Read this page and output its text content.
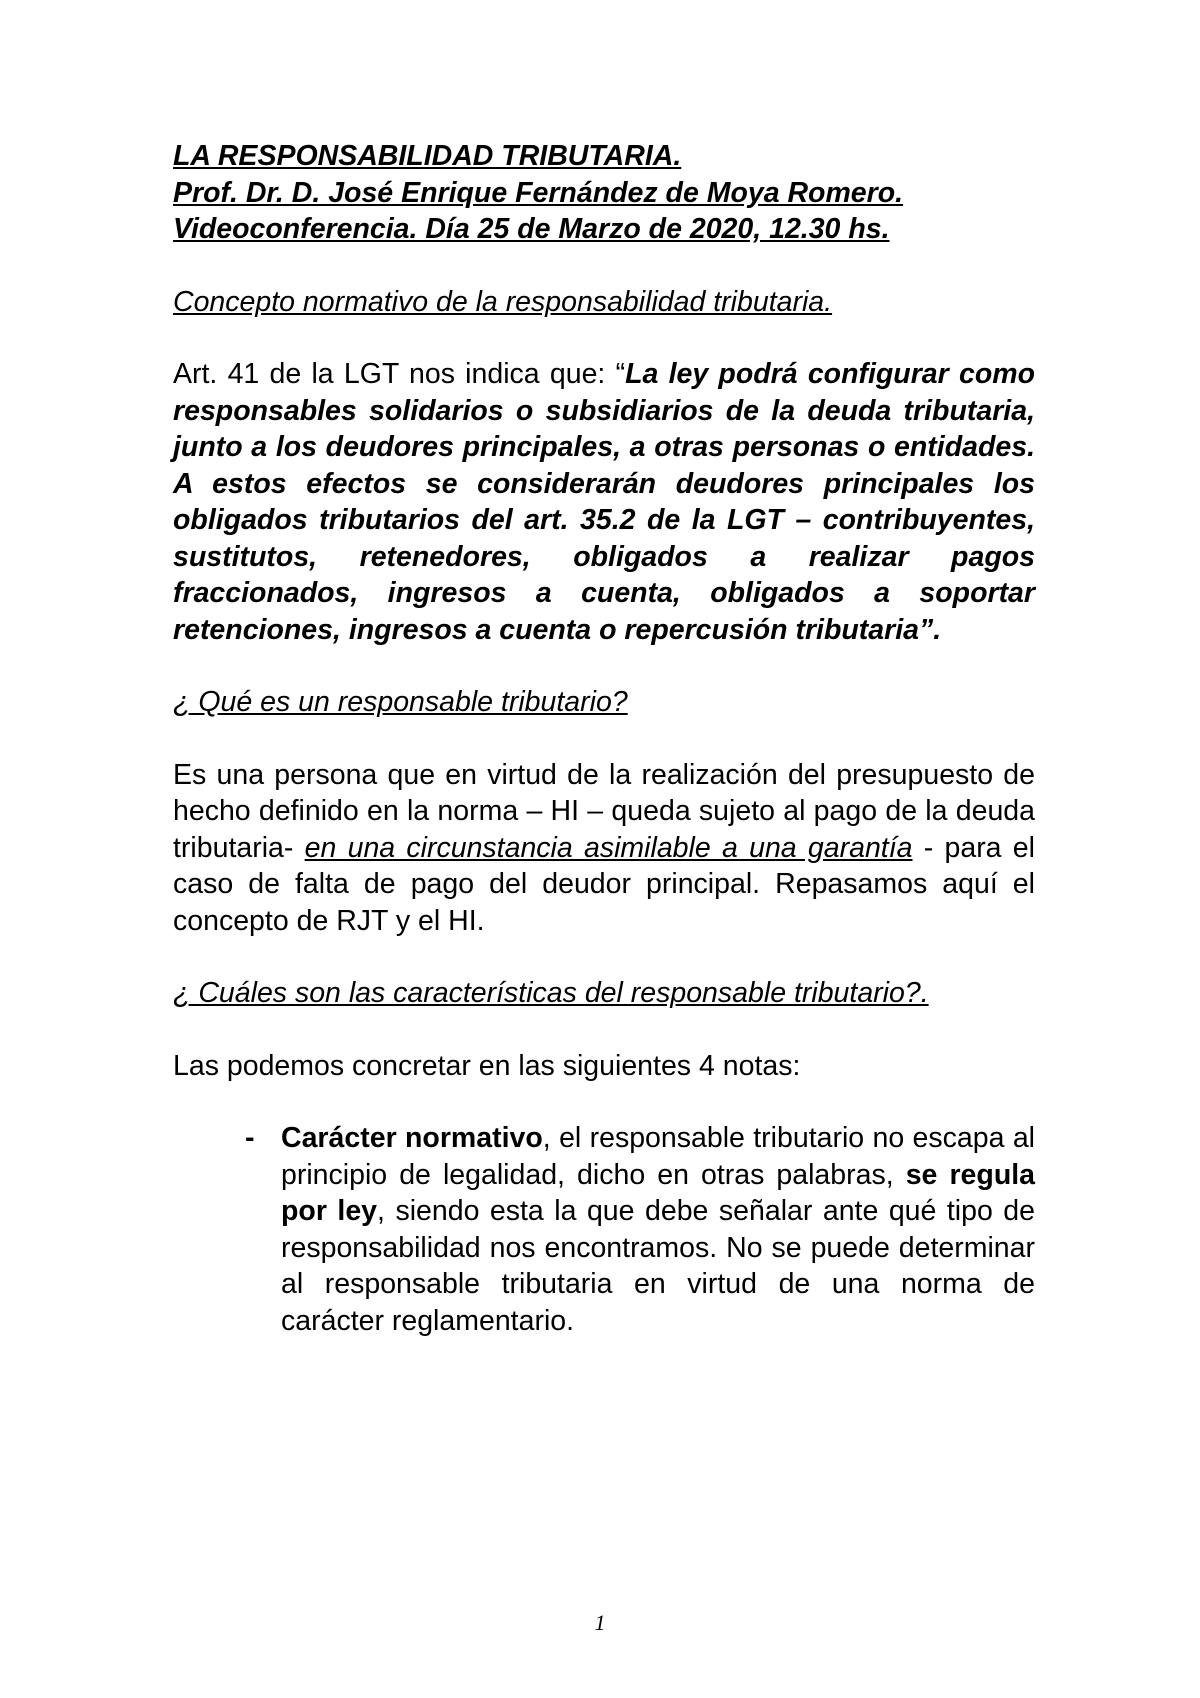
LA RESPONSABILIDAD TRIBUTARIA.

Prof. Dr. D. José Enrique Fernández de Moya Romero.

Videoconferencia. Día 25 de Marzo de 2020, 12.30 hs.

Concepto normativo de la responsabilidad tributaria.

Art. 41 de la LGT nos indica que: “La ley podrá configurar como responsables solidarios o subsidiarios de la deuda tributaria, junto a los deudores principales, a otras personas o entidades. A estos efectos se considerarán deudores principales los obligados tributarios del art. 35.2 de la LGT – contribuyentes, sustitutos, retenedores, obligados a realizar pagos fraccionados, ingresos a cuenta, obligados a soportar retenciones, ingresos a cuenta o repercusión tributaria”.

¿ Qué es un responsable tributario?

Es una persona que en virtud de la realización del presupuesto de hecho definido en la norma – HI – queda sujeto al pago de la deuda tributaria- en una circunstancia asimilable a una garantía - para el caso de falta de pago del deudor principal. Repasamos aquí el concepto de RJT y el HI.

¿ Cuáles son las características del responsable tributario?.

Las podemos concretar en las siguientes 4 notas:

- Carácter normativo, el responsable tributario no escapa al principio de legalidad, dicho en otras palabras, se regula por ley, siendo esta la que debe señalar ante qué tipo de responsabilidad nos encontramos. No se puede determinar al responsable tributaria en virtud de una norma de carácter reglamentario.

1
